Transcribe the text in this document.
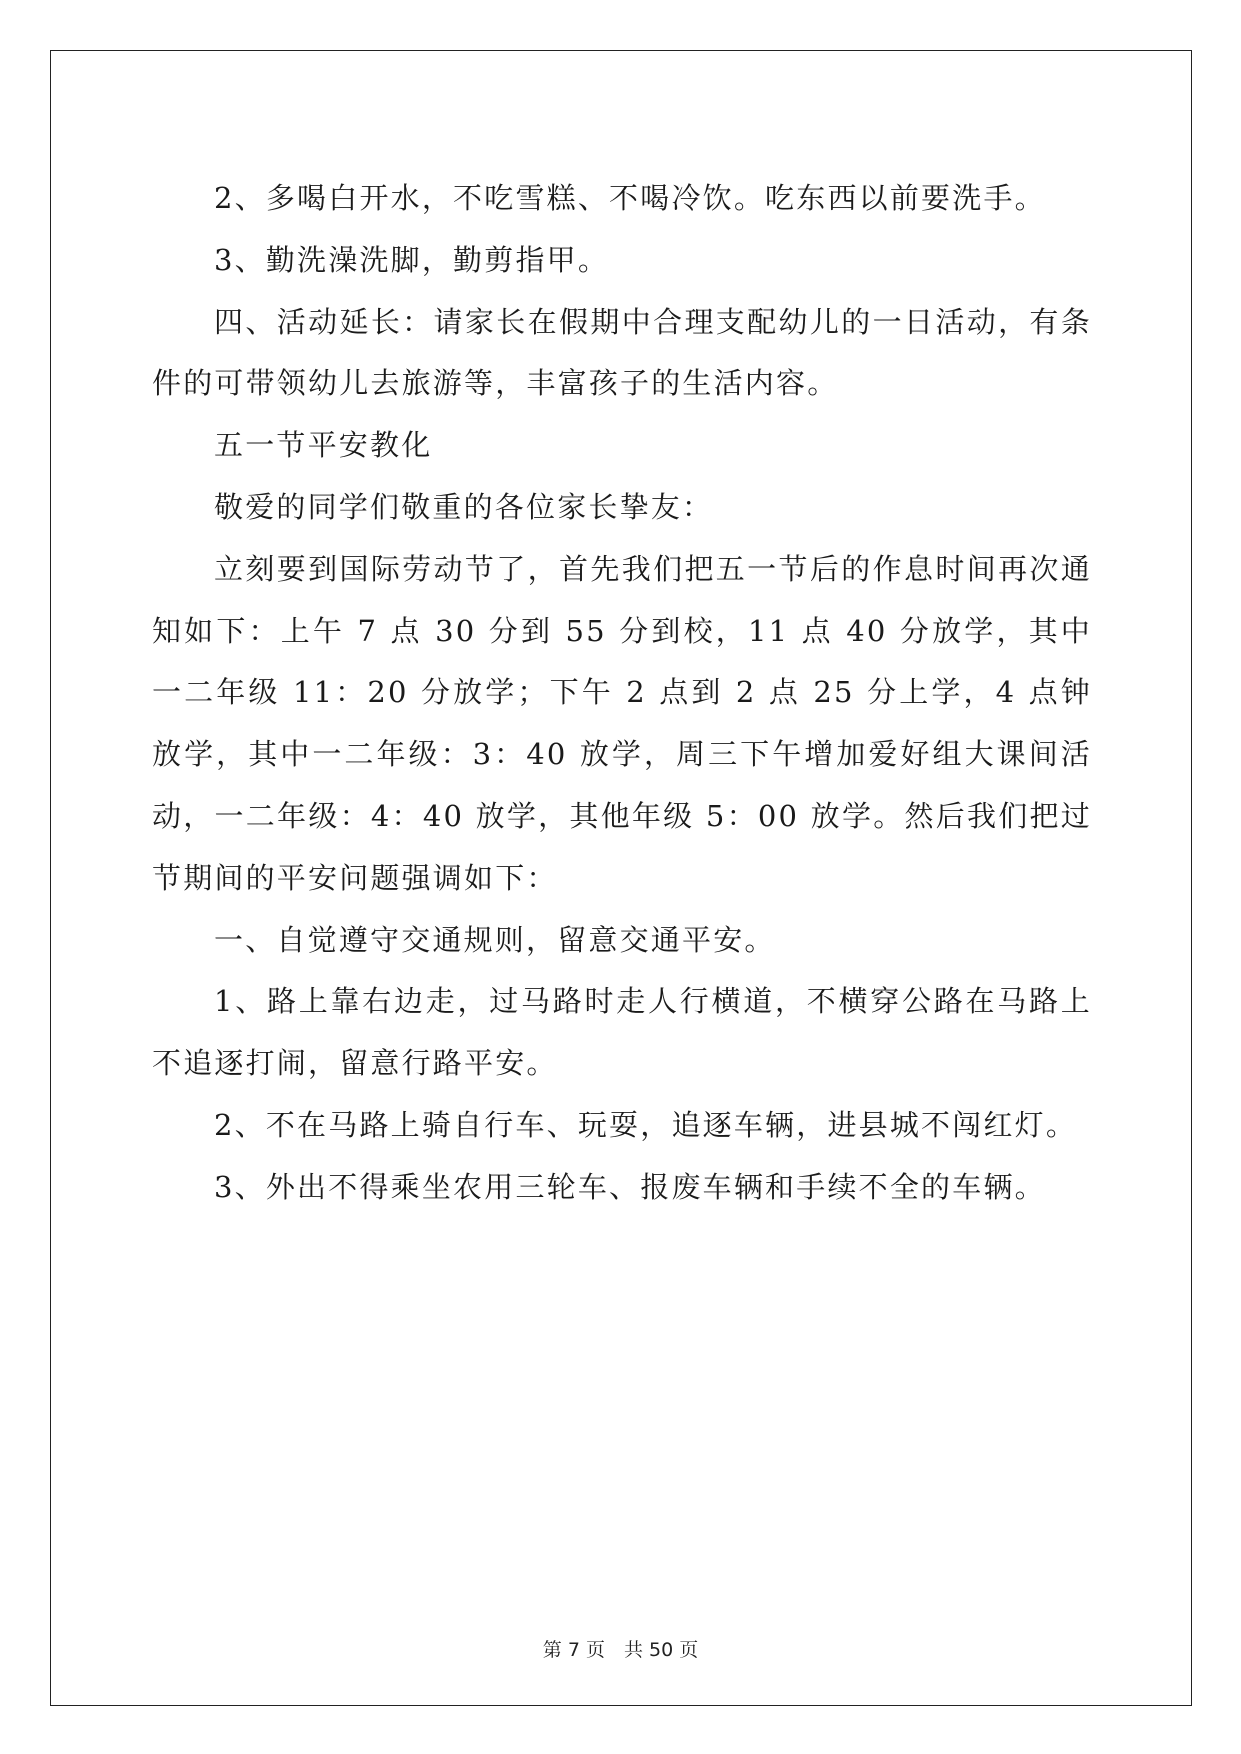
2、多喝白开水，不吃雪糕、不喝冷饮。吃东西以前要洗手。

3、勤洗澡洗脚，勤剪指甲。

四、活动延长：请家长在假期中合理支配幼儿的一日活动，有条件的可带领幼儿去旅游等，丰富孩子的生活内容。

五一节平安教化

敬爱的同学们敬重的各位家长挚友：

立刻要到国际劳动节了，首先我们把五一节后的作息时间再次通知如下：上午 7 点 30 分到 55 分到校，11 点 40 分放学，其中一二年级 11：20 分放学；下午 2 点到 2 点 25 分上学，4 点钟放学，其中一二年级：3：40 放学，周三下午增加爱好组大课间活动，一二年级：4：40 放学，其他年级 5：00 放学。然后我们把过节期间的平安问题强调如下：

一、自觉遵守交通规则，留意交通平安。

1、路上靠右边走，过马路时走人行横道，不横穿公路在马路上不追逐打闹，留意行路平安。

2、不在马路上骑自行车、玩耍，追逐车辆，进县城不闯红灯。

3、外出不得乘坐农用三轮车、报废车辆和手续不全的车辆。

第 7 页　共 50 页
